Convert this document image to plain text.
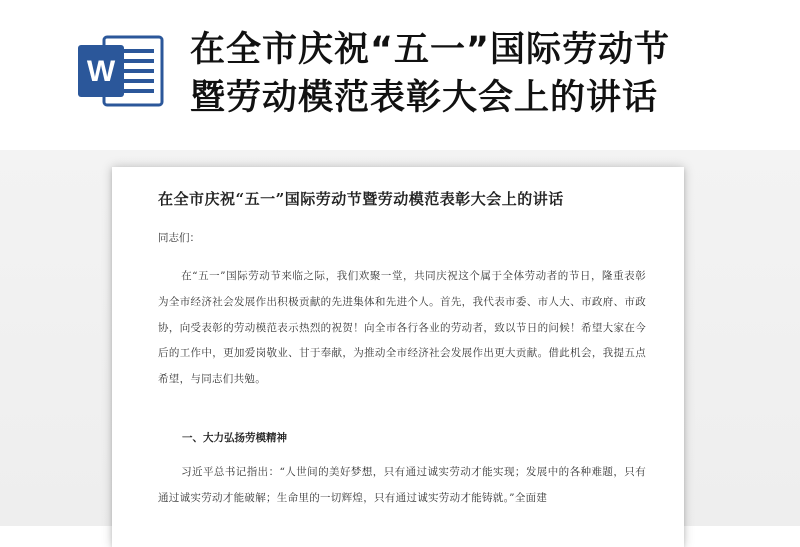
W
在全市庆祝“五一”国际劳动节
暨劳动模范表彰大会上的讲话
在全市庆祝“五一”国际劳动节暨劳动模范表彰大会上的讲话
同志们：
在“五一”国际劳动节来临之际，我们欢聚一堂，共同庆祝这个属于全体劳动者的节日，隆重表彰为全市经济社会发展作出积极贡献的先进集体和先进个人。首先，我代表市委、市人大、市政府、市政协，向受表彰的劳动模范表示热烈的祝贺！向全市各行各业的劳动者，致以节日的问候！希望大家在今后的工作中，更加爱岗敬业、甘于奉献，为推动全市经济社会发展作出更大贡献。借此机会，我提五点希望，与同志们共勉。
一、大力弘扬劳模精神
习近平总书记指出：“人世间的美好梦想，只有通过诚实劳动才能实现；发展中的各种难题，只有通过诚实劳动才能破解；生命里的一切辉煌，只有通过诚实劳动才能铸就。”全面建
